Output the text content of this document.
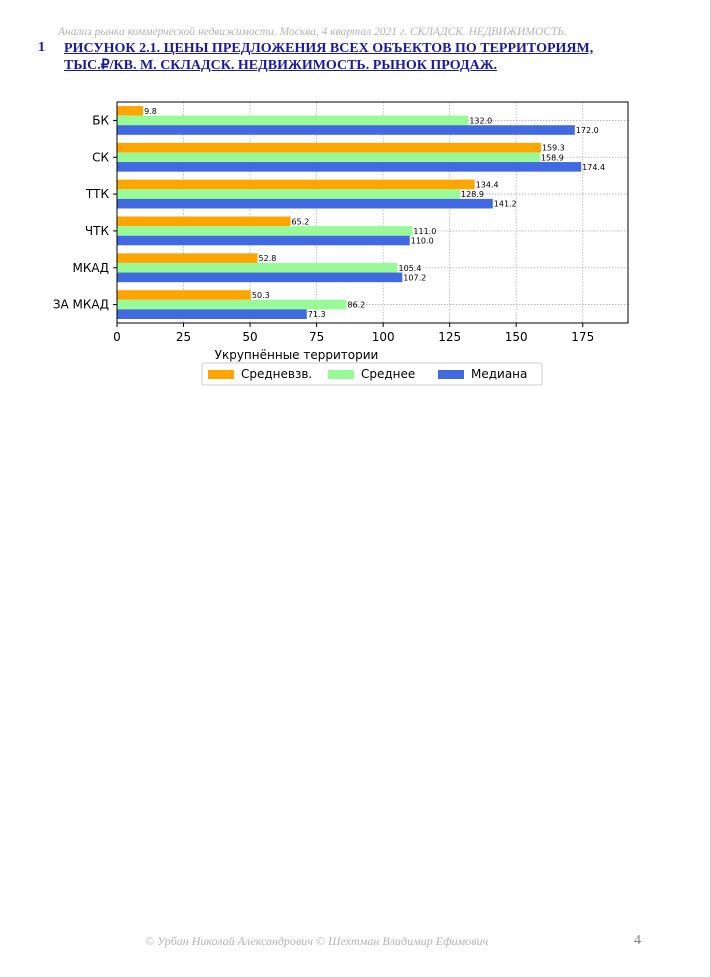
Анализ рынка коммерческой недвижимости. Москва, 4 квартал 2021 г. СКЛАДСК. НЕДВИЖИМОСТЬ.
1 РИСУНОК 2.1. ЦЕНЫ ПРЕДЛОЖЕНИЯ ВСЕХ ОБЪЕКТОВ ПО ТЕРРИТОРИЯМ, ТЫС.₽/КВ. М. СКЛАДСК. НЕДВИЖИМОСТЬ. РЫНОК ПРОДАЖ.
9.8
132.0
172.0
БК
159.3
158.9
174.4
СК
134.4
128.9
141.2
ТТК
65.2
111.0
110.0
ЧТК
52.8
105.4
107.2
МКАД
50.3
86.2
71.3
ЗА МКАД
0	25	50	75	100	125	150	175
Укрупнённые территории
Средневзв.	Среднее	Медиана
© Урбан Николай Александрович © Шехтман Владимир Ефимович	4
